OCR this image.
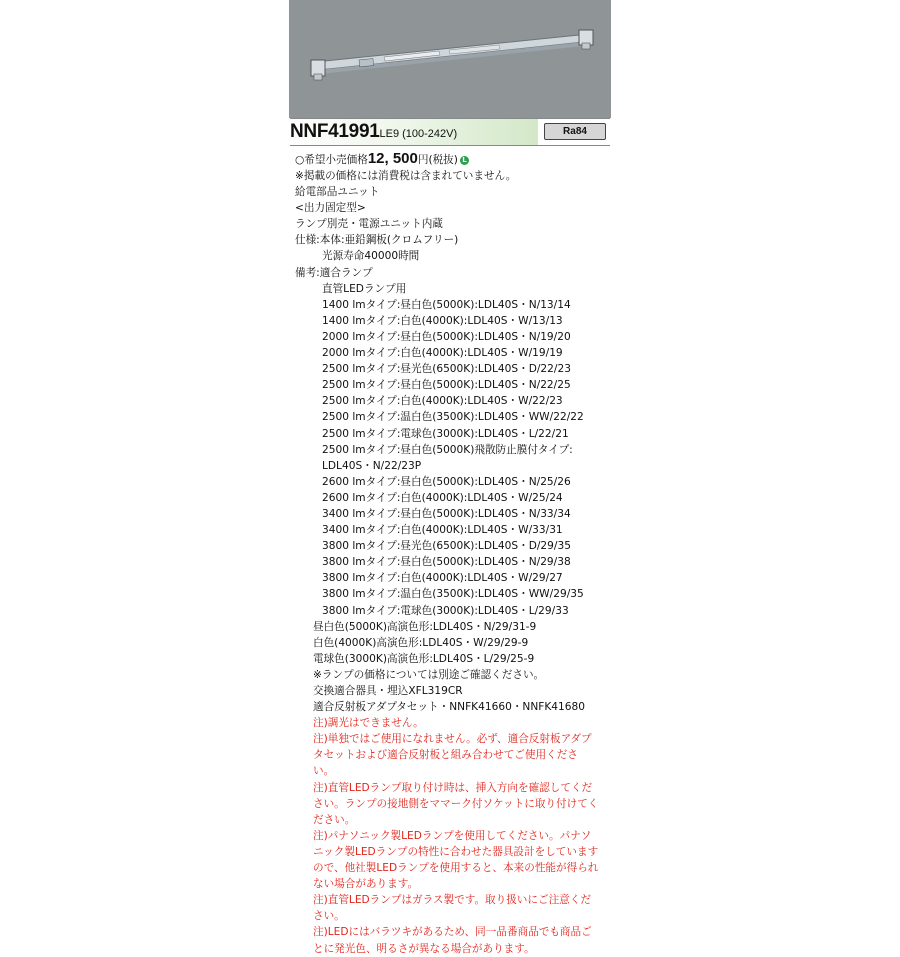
NNF41991LE9 (100-242V)	Ra84
○希望小売価格12, 500円(税抜) L
※掲載の価格には消費税は含まれていません。
給電部品ユニット
<出力固定型>
ランプ別売・電源ユニット内蔵
仕様:本体:亜鉛鋼板(クロムフリー)
光源寿命40000時間
備考:適合ランプ
直管LEDランプ用
1400 lmタイプ:昼白色(5000K):LDL40S・N/13/14
1400 lmタイプ:白色(4000K):LDL40S・W/13/13
2000 lmタイプ:昼白色(5000K):LDL40S・N/19/20
2000 lmタイプ:白色(4000K):LDL40S・W/19/19
2500 lmタイプ:昼光色(6500K):LDL40S・D/22/23
2500 lmタイプ:昼白色(5000K):LDL40S・N/22/25
2500 lmタイプ:白色(4000K):LDL40S・W/22/23
2500 lmタイプ:温白色(3500K):LDL40S・WW/22/22
2500 lmタイプ:電球色(3000K):LDL40S・L/22/21
2500 lmタイプ:昼白色(5000K)飛散防止膜付タイプ:
LDL40S・N/22/23P
2600 lmタイプ:昼白色(5000K):LDL40S・N/25/26
2600 lmタイプ:白色(4000K):LDL40S・W/25/24
3400 lmタイプ:昼白色(5000K):LDL40S・N/33/34
3400 lmタイプ:白色(4000K):LDL40S・W/33/31
3800 lmタイプ:昼光色(6500K):LDL40S・D/29/35
3800 lmタイプ:昼白色(5000K):LDL40S・N/29/38
3800 lmタイプ:白色(4000K):LDL40S・W/29/27
3800 lmタイプ:温白色(3500K):LDL40S・WW/29/35
3800 lmタイプ:電球色(3000K):LDL40S・L/29/33
昼白色(5000K)高演色形:LDL40S・N/29/31-9
白色(4000K)高演色形:LDL40S・W/29/29-9
電球色(3000K)高演色形:LDL40S・L/29/25-9
※ランプの価格については別途ご確認ください。
交換適合器具・埋込XFL319CR
適合反射板アダプタセット・NNFK41660・NNFK41680
注)調光はできません。
注)単独ではご使用になれません。必ず、適合反射板アダプタセットおよび適合反射板と組み合わせてご使用ください。
注)直管LEDランプ取り付け時は、挿入方向を確認してください。ランプの接地側をママーク付ソケットに取り付けてください。
注)パナソニック製LEDランプを使用してください。パナソニック製LEDランプの特性に合わせた器具設計をしていますので、他社製LEDランプを使用すると、本来の性能が得られない場合があります。
注)直管LEDランプはガラス製です。取り扱いにご注意ください。
注)LEDにはバラツキがあるため、同一品番商品でも商品ごとに発光色、明るさが異なる場合があります。
